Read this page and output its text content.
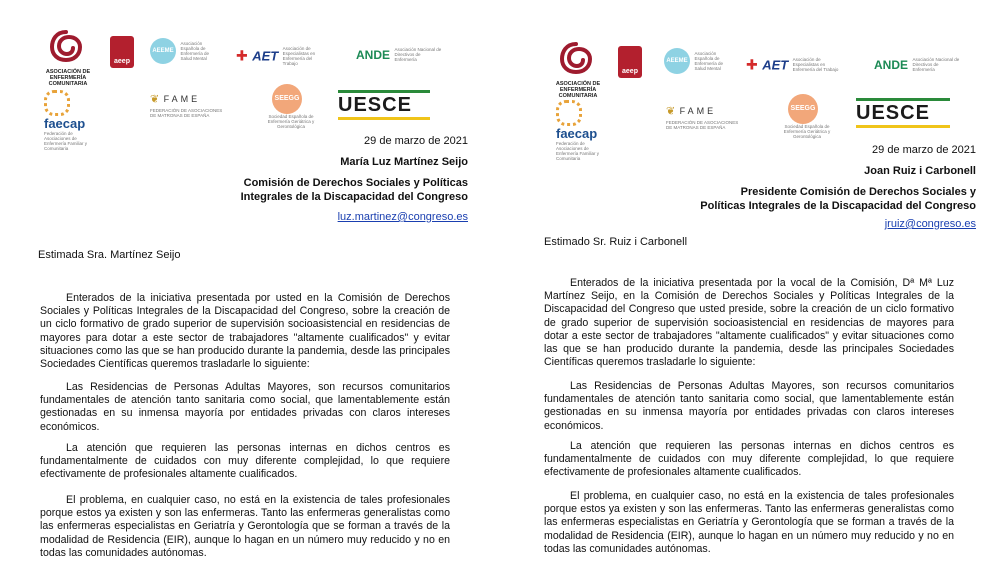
ASOCIACIÓN DE ENFERMERÍA COMUNITARIA
aeep
AEEME Asociación Española de Enfermería de Salud Mental	✚ AET Asociación de Especialistas en Enfermería del Trabajo
ANDE Asociación Nacional de Directivos de Enfermería

faecap
Federación de Asociaciones de Enfermería Familiar y Comunitaria
❦ FAME
FEDERACIÓN DE ASOCIACIONES DE MATRONAS DE ESPAÑA
SEEGG
Sociedad Española de Enfermería Geriátrica y Gerontológica
UESCE
29 de marzo de 2021
María Luz Martínez Seijo
Comisión de Derechos Sociales y Políticas
Integrales de la Discapacidad del Congreso
luz.martinez@congreso.es
Estimada Sra. Martínez Seijo

Enterados de la iniciativa presentada por usted en la Comisión de Derechos Sociales y Políticas Integrales de la Discapacidad del Congreso, sobre la creación de un ciclo formativo de grado superior de supervisión socioasistencial en residencias de mayores para dotar a este sector de trabajadores "altamente cualificados" y evitar situaciones como las que se han producido durante la pandemia, desde las principales Sociedades Científicas queremos trasladarle lo siguiente:

Las Residencias de Personas Adultas Mayores, son recursos comunitarios fundamentales de atención tanto sanitaria como social, que lamentablemente están gestionadas en su inmensa mayoría por entidades privadas con claros intereses económicos.

La atención que requieren las personas internas en dichos centros es fundamentalmente de cuidados con muy diferente complejidad, lo que requiere efectivamente de profesionales altamente cualificados.

El problema, en cualquier caso, no está en la existencia de tales profesionales porque estos ya existen y son las enfermeras. Tanto las enfermeras generalistas como las enfermeras especialistas en Geriatría y Gerontología que se forman a través de la modalidad de Residencia (EIR), aunque lo hagan en un número muy reducido y no en todas las comunidades autónomas.

ASOCIACIÓN DE ENFERMERÍA COMUNITARIA
aeep
AEEME Asociación Española de Enfermería de Salud Mental	✚ AET Asociación de Especialistas en Enfermería del Trabajo	ANDE Asociación Nacional de Directivos de Enfermería

faecap
Federación de Asociaciones de Enfermería Familiar y Comunitaria
❦ FAME
FEDERACIÓN DE ASOCIACIONES DE MATRONAS DE ESPAÑA
SEEGG
Sociedad Española de Enfermería Geriátrica y Gerontológica
UESCE
29 de marzo de 2021
Joan Ruiz i Carbonell
Presidente Comisión de Derechos Sociales y
Políticas Integrales de la Discapacidad del Congreso
jruiz@congreso.es
Estimado Sr. Ruiz i Carbonell

Enterados de la iniciativa presentada por la vocal de la Comisión, Dª Mª Luz Martínez Seijo, en la Comisión de Derechos Sociales y Políticas Integrales de la Discapacidad del Congreso que usted preside, sobre la creación de un ciclo formativo de grado superior de supervisión socioasistencial en residencias de mayores para dotar a este sector de trabajadores "altamente cualificados" y evitar situaciones como las que se han producido durante la pandemia, desde las principales Sociedades Científicas queremos trasladarle lo siguiente:

Las Residencias de Personas Adultas Mayores, son recursos comunitarios fundamentales de atención tanto sanitaria como social, que lamentablemente están gestionadas en su inmensa mayoría por entidades privadas con claros intereses económicos.

La atención que requieren las personas internas en dichos centros es fundamentalmente de cuidados con muy diferente complejidad, lo que requiere efectivamente de profesionales altamente cualificados.

El problema, en cualquier caso, no está en la existencia de tales profesionales porque estos ya existen y son las enfermeras. Tanto las enfermeras generalistas como las enfermeras especialistas en Geriatría y Gerontología que se forman a través de la modalidad de Residencia (EIR), aunque lo hagan en un número muy reducido y no en todas las comunidades autónomas.
